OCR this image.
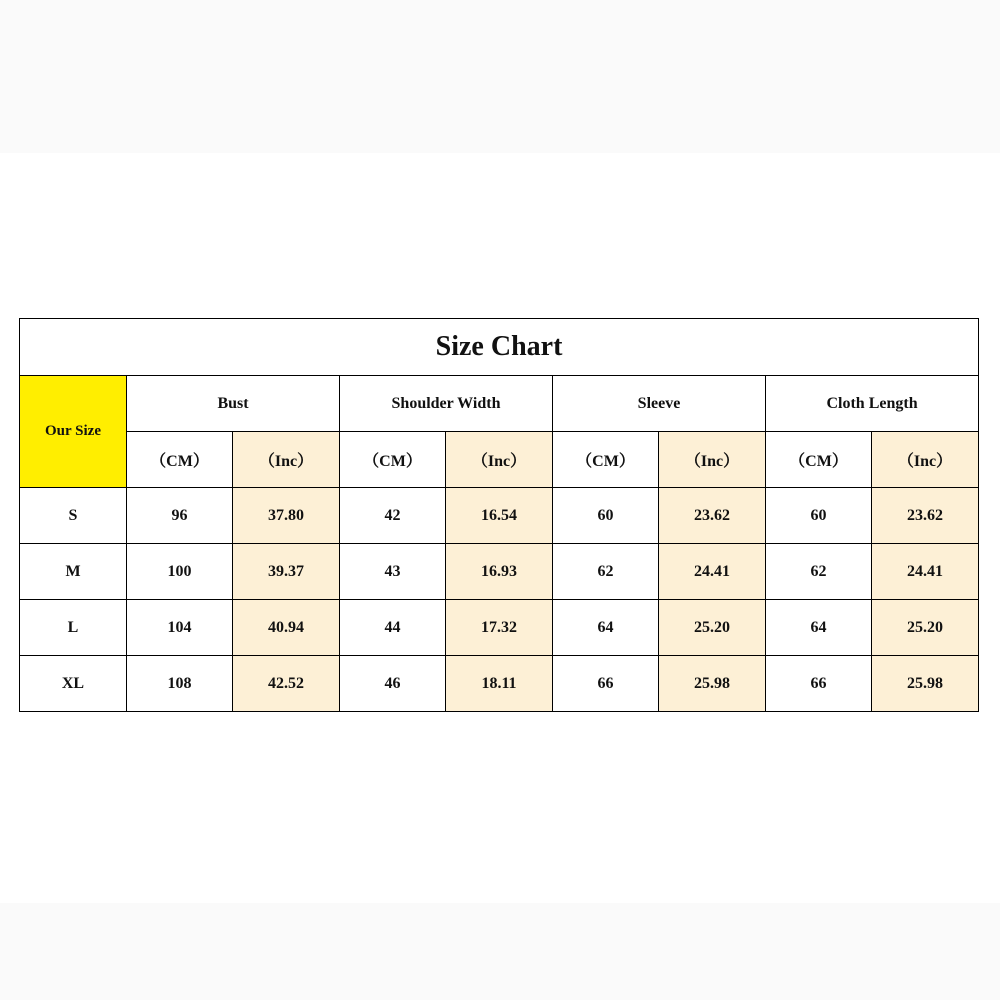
Size Chart								
Our Size	Bust		Shoulder Width		Sleeve		Cloth Length	
	（CM）	（Inc）	（CM）	（Inc）	（CM）	（Inc）	（CM）	（Inc）
S	96	37.80	42	16.54	60	23.62	60	23.62
M	100	39.37	43	16.93	62	24.41	62	24.41
L	104	40.94	44	17.32	64	25.20	64	25.20
XL	108	42.52	46	18.11	66	25.98	66	25.98
